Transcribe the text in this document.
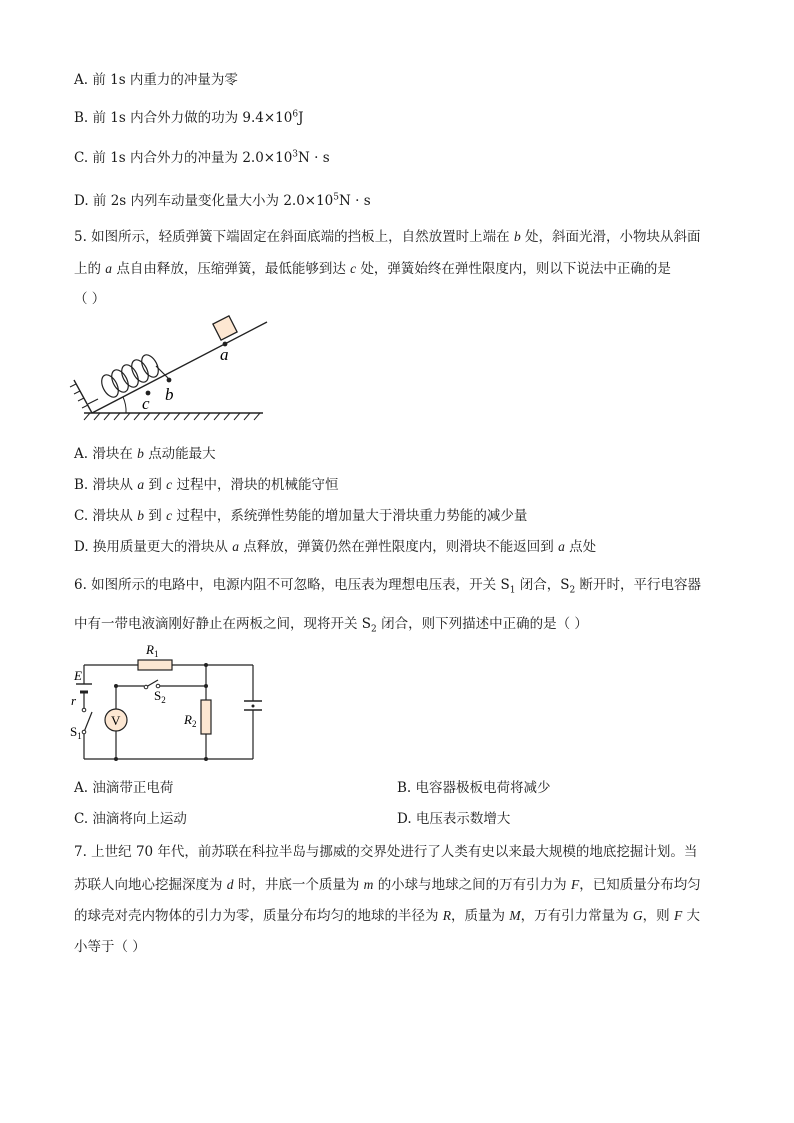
A. 前 1s 内重力的冲量为零
B. 前 1s 内合外力做的功为 $9.4\times 10^6J$
C. 前 1s 内合外力的冲量为 $2.0\times 10^3N \cdot s$
D. 前 2s 内列车动量变化量大小为 $2.0\times 10^5N \cdot s$
5. 如图所示，轻质弹簧下端固定在斜面底端的挡板上，自然放置时上端在 b 处，斜面光滑，小物块从斜面
上的 a 点自由释放，压缩弹簧，最低能够到达 c 处，弹簧始终在弹性限度内，则以下说法中正确的是
（ ）
a
b
c
A. 滑块在 b 点动能最大
B. 滑块从 a 到 c 过程中，滑块的机械能守恒
C. 滑块从 b 到 c 过程中，系统弹性势能的增加量大于滑块重力势能的减少量
D. 换用质量更大的滑块从 a 点释放，弹簧仍然在弹性限度内，则滑块不能返回到 a 点处
6. 如图所示的电路中，电源内阻不可忽略，电压表为理想电压表，开关 $S_1$ 闭合，$S_2$ 断开时，平行电容器
中有一带电液滴刚好静止在两板之间，现将开关 $S_2$ 闭合，则下列描述中正确的是（ ）
V
E
r
$R_1$
$R_2$
$S_2$
$S_1$
A. 油滴带正电荷	B. 电容器极板电荷将减少
C. 油滴将向上运动	D. 电压表示数增大
7. 上世纪 70 年代，前苏联在科拉半岛与挪威的交界处进行了人类有史以来最大规模的地底挖掘计划。当
苏联人向地心挖掘深度为 d 时，井底一个质量为 m 的小球与地球之间的万有引力为 F，已知质量分布均匀
的球壳对壳内物体的引力为零，质量分布均匀的地球的半径为 R，质量为 M，万有引力常量为 G，则 F 大
小等于（ ）
